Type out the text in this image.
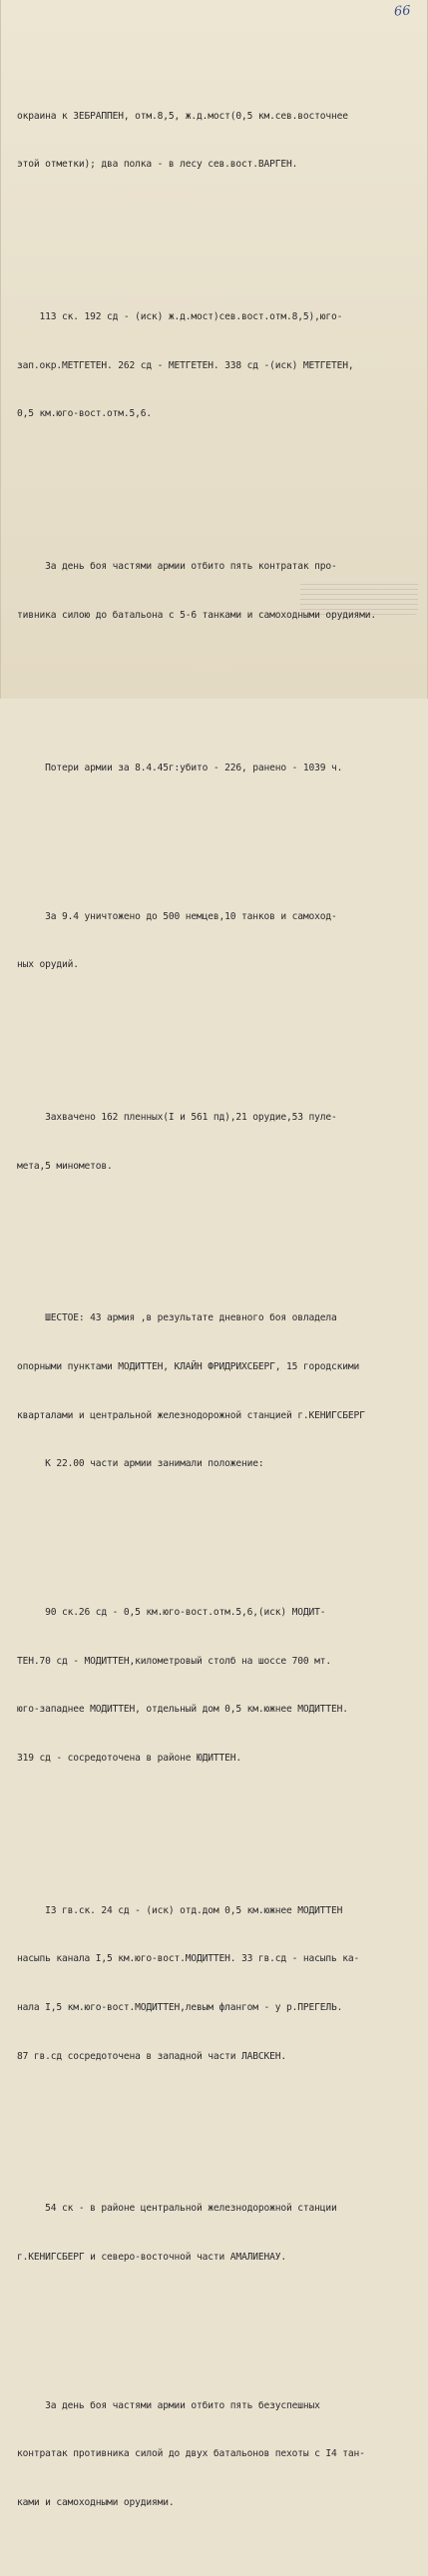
66

окраина к ЗЕБРАППЕН, отм.8,5, ж.д.мост(0,5 км.сев.восточнее

этой отметки); два полка - в лесу сев.вост.ВАРГЕН.

113 ск. 192 сд - (иск) ж.д.мост)сев.вост.отм.8,5),юго-

зап.окр.МЕТГЕТЕН. 262 сд - МЕТГЕТЕН. 338 сд -(иск) МЕТГЕТЕН,

0,5 км.юго-вост.отм.5,6.

За день боя частями армии отбито пять контратак про-

тивника силою до батальона с 5-6 танками и самоходными орудиями.

Потери армии за 8.4.45г:убито - 226, ранено - 1039 ч.

За 9.4 уничтожено до 500 немцев,10 танков и самоход-

ных орудий.

Захвачено 162 пленных(I и 561 пд),21 орудие,53 пуле-

мета,5 минометов.

ШЕСТОЕ: 43 армия ,в результате дневного боя овладела

опорными пунктами МОДИТТЕН, КЛАЙН ФРИДРИХСБЕРГ, 15 городскими

кварталами и центральной железнодорожной станцией г.КЕНИГСБЕРГ

К 22.00 части армии занимали положение:

90 ск.26 сд - 0,5 км.юго-вост.отм.5,6,(иск) МОДИТ-

ТЕН.70 сд - МОДИТТЕН,километровый столб на шоссе 700 мт.

юго-западнее МОДИТТЕН, отдельный дом 0,5 км.южнее МОДИТТЕН.

319 сд - сосредоточена в районе ЮДИТТЕН.

I3 гв.ск. 24 сд - (иск) отд.дом 0,5 км.южнее МОДИТТЕН

насыпь канала I,5 км.юго-вост.МОДИТТЕН. 33 гв.сд - насыпь ка-

нала I,5 км.юго-вост.МОДИТТЕН,левым флангом - у р.ПРЕГЕЛЬ.

87 гв.сд сосредоточена в западной части ЛАВСКЕН.

54 ск - в районе центральной железнодорожной станции

г.КЕНИГСБЕРГ и северо-восточной части АМАЛИЕНАУ.

За день боя частями армии отбито пять безуспешных

контратак противника силой до двух батальонов пехоты с I4 тан-

ками и самоходными орудиями.
